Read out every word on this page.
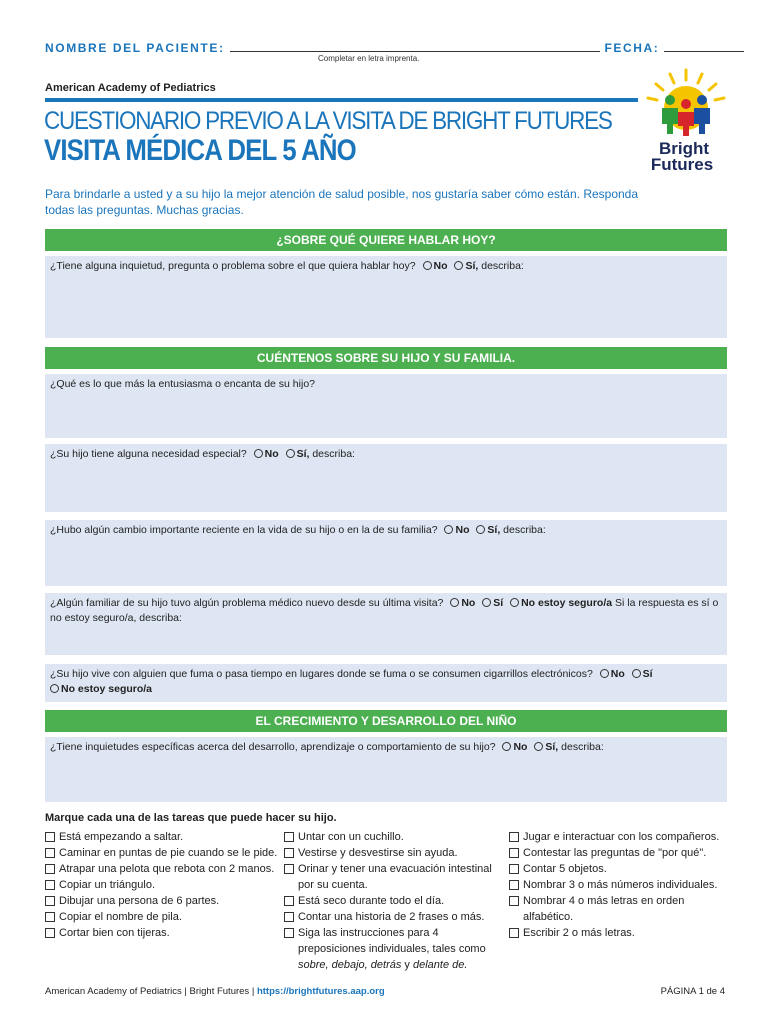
NOMBRE DEL PACIENTE:	FECHA:
Completar en letra imprenta.
American Academy of Pediatrics
CUESTIONARIO PREVIO A LA VISITA DE BRIGHT FUTURES
VISITA MÉDICA DEL 5 AÑO	Bright
Futures
Para brindarle a usted y a su hijo la mejor atención de salud posible, nos gustaría saber cómo están. Responda todas las preguntas. Muchas gracias.
¿SOBRE QUÉ QUIERE HABLAR HOY?
¿Tiene alguna inquietud, pregunta o problema sobre el que quiera hablar hoy? No Sí, describa:
CUÉNTENOS SOBRE SU HIJO Y SU FAMILIA.
¿Qué es lo que más la entusiasma o encanta de su hijo?
¿Su hijo tiene alguna necesidad especial? No Sí, describa:
¿Hubo algún cambio importante reciente en la vida de su hijo o en la de su familia? No Sí, describa:
¿Algún familiar de su hijo tuvo algún problema médico nuevo desde su última visita? No Sí No estoy seguro/a Si la respuesta es sí o no estoy seguro/a, describa:
¿Su hijo vive con alguien que fuma o pasa tiempo en lugares donde se fuma o se consumen cigarrillos electrónicos? No Sí
No estoy seguro/a
EL CRECIMIENTO Y DESARROLLO DEL NIÑO
¿Tiene inquietudes específicas acerca del desarrollo, aprendizaje o comportamiento de su hijo? No Sí, describa:
Marque cada una de las tareas que puede hacer su hijo.
Está empezando a saltar.
Caminar en puntas de pie cuando se le pide.
Atrapar una pelota que rebota con 2 manos.
Copiar un triángulo.
Dibujar una persona de 6 partes.
Copiar el nombre de pila.
Cortar bien con tijeras.
Untar con un cuchillo.
Vestirse y desvestirse sin ayuda.
Orinar y tener una evacuación intestinal por su cuenta.
Está seco durante todo el día.
Contar una historia de 2 frases o más.
Siga las instrucciones para 4 preposiciones individuales, tales como sobre, debajo, detrás y delante de.
Jugar e interactuar con los compañeros.
Contestar las preguntas de "por qué".
Contar 5 objetos.
Nombrar 3 o más números individuales.
Nombrar 4 o más letras en orden alfabético.
Escribir 2 o más letras.
American Academy of Pediatrics | Bright Futures | https://brightfutures.aap.org	PÁGINA 1 de 4
